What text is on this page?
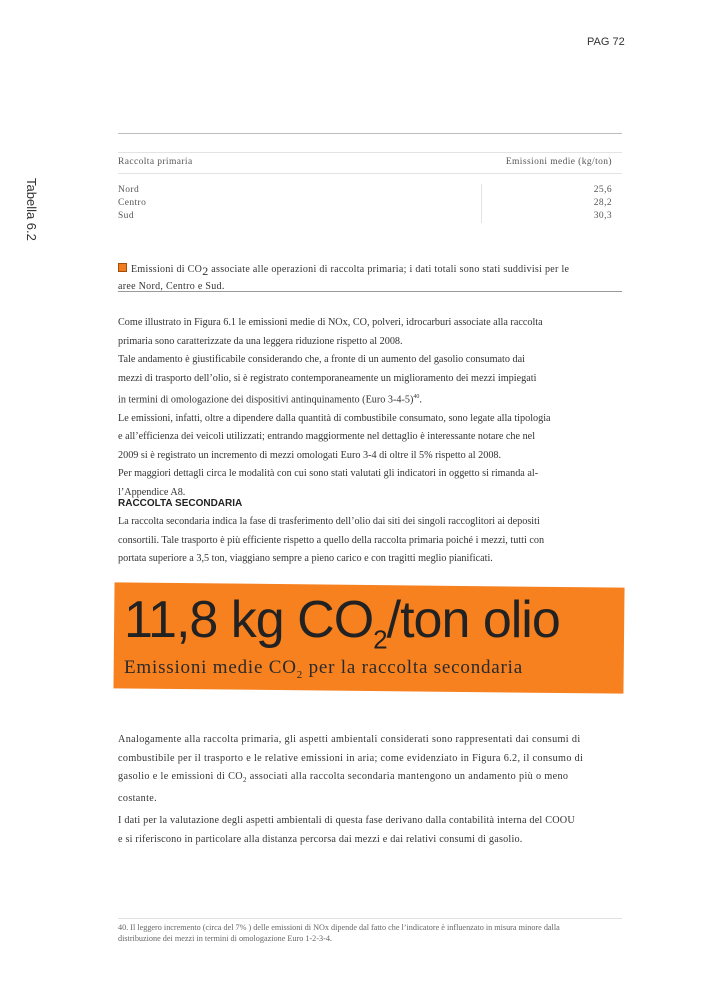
PAG 72
Tabella 6.2
Raccolta primaria	Emissioni medie (kg/ton)
Nord
Centro
Sud
25,6
28,2
30,3
Emissioni di $CO_2$ associate alle operazioni di raccolta primaria; i dati totali sono stati suddivisi per le
aree Nord, Centro e Sud.
Come illustrato in Figura 6.1 le emissioni medie di NOx, CO, polveri, idrocarburi associate alla raccolta
primaria sono caratterizzate da una leggera riduzione rispetto al 2008.
Tale andamento è giustificabile considerando che, a fronte di un aumento del gasolio consumato dai
mezzi di trasporto dell’olio, si è registrato contemporaneamente un miglioramento dei mezzi impiegati
in termini di omologazione dei dispositivi antinquinamento (Euro 3-4-5)$^{40}$.
Le emissioni, infatti, oltre a dipendere dalla quantità di combustibile consumato, sono legate alla tipologia
e all’efficienza dei veicoli utilizzati; entrando maggiormente nel dettaglio è interessante notare che nel
2009 si è registrato un incremento di mezzi omologati Euro 3-4 di oltre il 5% rispetto al 2008.
Per maggiori dettagli circa le modalità con cui sono stati valutati gli indicatori in oggetto si rimanda al-
l’Appendice A8.
RACCOLTA SECONDARIA
La raccolta secondaria indica la fase di trasferimento dell’olio dai siti dei singoli raccoglitori ai depositi
consortili. Tale trasporto è più efficiente rispetto a quello della raccolta primaria poiché i mezzi, tutti con
portata superiore a 3,5 ton, viaggiano sempre a pieno carico e con tragitti meglio pianificati.
11,8 kg $CO_2$/ton olio
Emissioni medie $CO_2$ per la raccolta secondaria
Analogamente alla raccolta primaria, gli aspetti ambientali considerati sono rappresentati dai consumi di
combustibile per il trasporto e le relative emissioni in aria; come evidenziato in Figura 6.2, il consumo di
gasolio e le emissioni di $CO_2$ associati alla raccolta secondaria mantengono un andamento più o meno
costante.
I dati per la valutazione degli aspetti ambientali di questa fase derivano dalla contabilità interna del COOU
e si riferiscono in particolare alla distanza percorsa dai mezzi e dai relativi consumi di gasolio.
40. Il leggero incremento (circa del 7% ) delle emissioni di NOx dipende dal fatto che l’indicatore è influenzato in misura minore dalla
distribuzione dei mezzi in termini di omologazione Euro 1-2-3-4.
